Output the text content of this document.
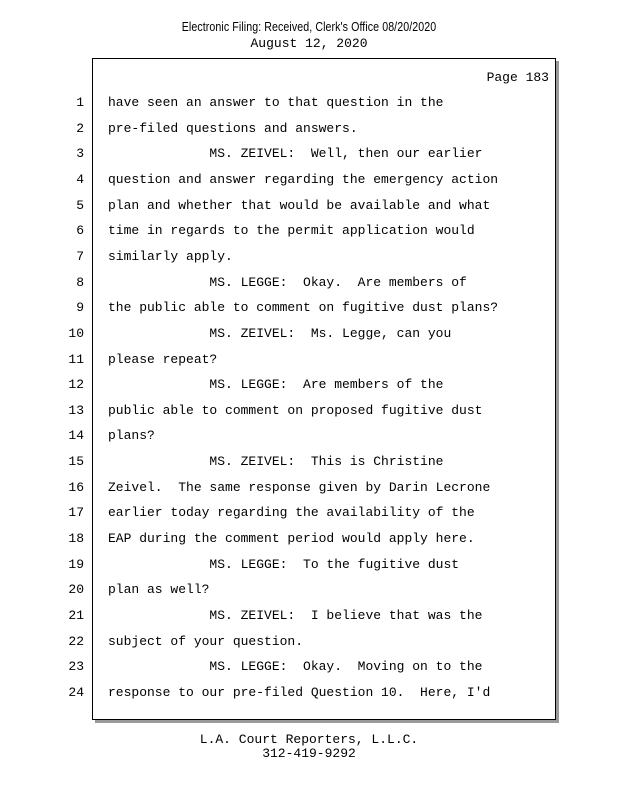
Electronic Filing: Received, Clerk's Office 08/20/2020
August 12, 2020
Page 183
1 have seen an answer to that question in the
2 pre-filed questions and answers.
3 MS. ZEIVEL:  Well, then our earlier
4 question and answer regarding the emergency action
5 plan and whether that would be available and what
6 time in regards to the permit application would
7 similarly apply.
8 MS. LEGGE:  Okay.  Are members of
9 the public able to comment on fugitive dust plans?
10 MS. ZEIVEL:  Ms. Legge, can you
11 please repeat?
12 MS. LEGGE:  Are members of the
13 public able to comment on proposed fugitive dust
14 plans?
15 MS. ZEIVEL:  This is Christine
16 Zeivel.  The same response given by Darin Lecrone
17 earlier today regarding the availability of the
18 EAP during the comment period would apply here.
19 MS. LEGGE:  To the fugitive dust
20 plan as well?
21 MS. ZEIVEL:  I believe that was the
22 subject of your question.
23 MS. LEGGE:  Okay.  Moving on to the
24 response to our pre-filed Question 10.  Here, I'd
L.A. Court Reporters, L.L.C.
312-419-9292
